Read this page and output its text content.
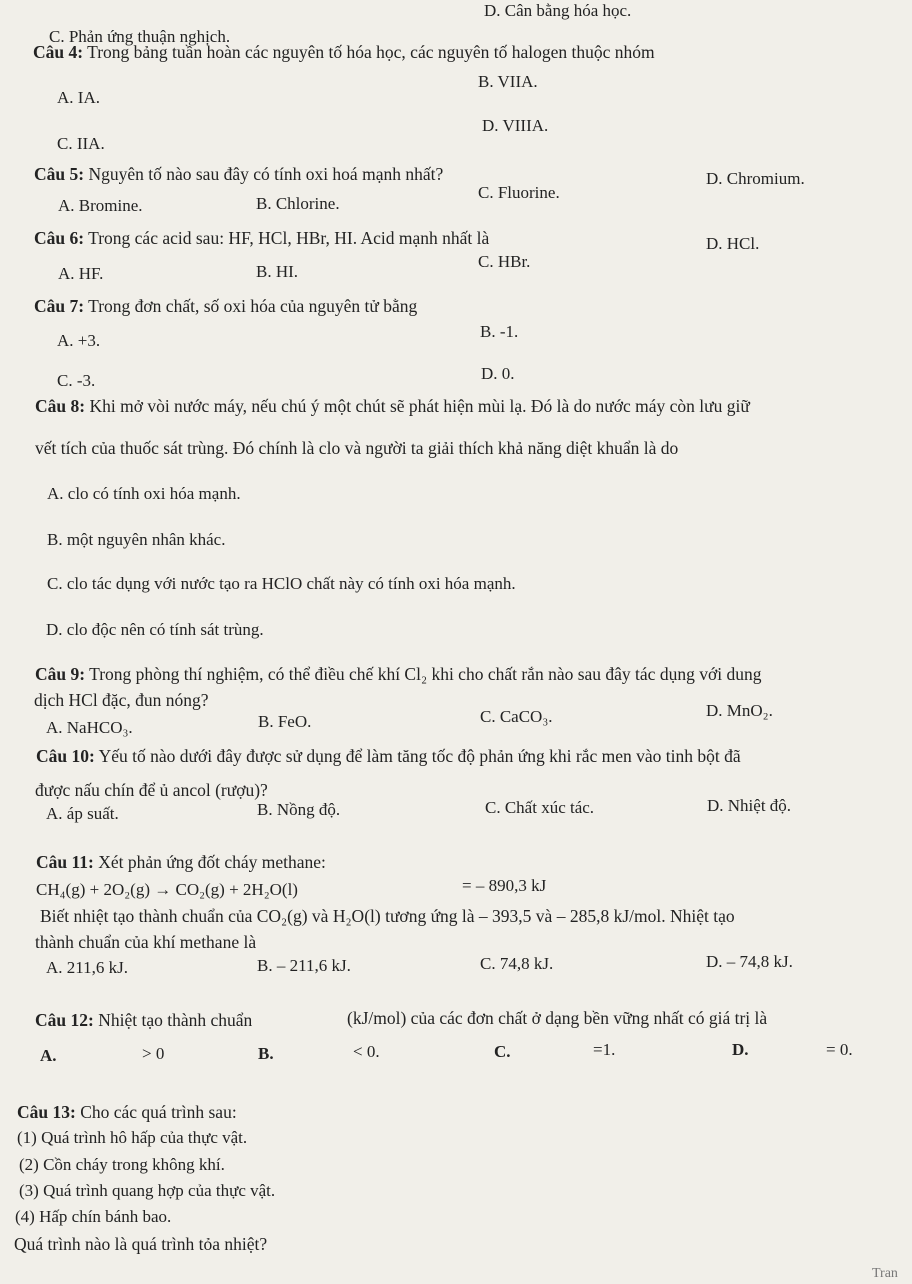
D. Cân bằng hóa học.
C. Phản ứng thuận nghịch.
Câu 4: Trong bảng tuần hoàn các nguyên tố hóa học, các nguyên tố halogen thuộc nhóm
B. VIIA.
A. IA.
D. VIIIA.
C. IIA.
Câu 5: Nguyên tố nào sau đây có tính oxi hoá mạnh nhất?	D. Chromium.
C. Fluorine.
A. Bromine.	B. Chlorine.
Câu 6: Trong các acid sau: HF, HCl, HBr, HI. Acid mạnh nhất là	D. HCl.
C. HBr.
A. HF.	B. HI.
Câu 7: Trong đơn chất, số oxi hóa của nguyên tử bằng
B. -1.
A. +3.
D. 0.
C. -3.
Câu 8: Khi mở vòi nước máy, nếu chú ý một chút sẽ phát hiện mùi lạ. Đó là do nước máy còn lưu giữ
vết tích của thuốc sát trùng. Đó chính là clo và người ta giải thích khả năng diệt khuẩn là do
A. clo có tính oxi hóa mạnh.
B. một nguyên nhân khác.
C. clo tác dụng với nước tạo ra HClO chất này có tính oxi hóa mạnh.
D. clo độc nên có tính sát trùng.
Câu 9: Trong phòng thí nghiệm, có thể điều chế khí Cl₂ khi cho chất rắn nào sau đây tác dụng với dung
dịch HCl đặc, đun nóng?
A. NaHCO₃.	B. FeO.	C. CaCO₃.	D. MnO₂.
Câu 10: Yếu tố nào dưới đây được sử dụng để làm tăng tốc độ phản ứng khi rắc men vào tinh bột đã
được nấu chín để ủ ancol (rượu)?
A. áp suất.	B. Nồng độ.	C. Chất xúc tác.	D. Nhiệt độ.
Câu 11: Xét phản ứng đốt cháy methane:
CH₄(g) + 2O₂(g) → CO₂(g) + 2H₂O(l)	= – 890,3 kJ
Biết nhiệt tạo thành chuẩn của CO₂(g) và H₂O(l) tương ứng là – 393,5 và – 285,8 kJ/mol. Nhiệt tạo
thành chuẩn của khí methane là
A. 211,6 kJ.	B. – 211,6 kJ.	C. 74,8 kJ.	D. – 74,8 kJ.
Câu 12: Nhiệt tạo thành chuẩn	(kJ/mol) của các đơn chất ở dạng bền vững nhất có giá trị là
A.	> 0	B.	< 0.	C.	=1.	D.	= 0.
Câu 13: Cho các quá trình sau:
(1) Quá trình hô hấp của thực vật.
(2) Cồn cháy trong không khí.
(3) Quá trình quang hợp của thực vật.
(4) Hấp chín bánh bao.
Quá trình nào là quá trình tỏa nhiệt?
Tran
